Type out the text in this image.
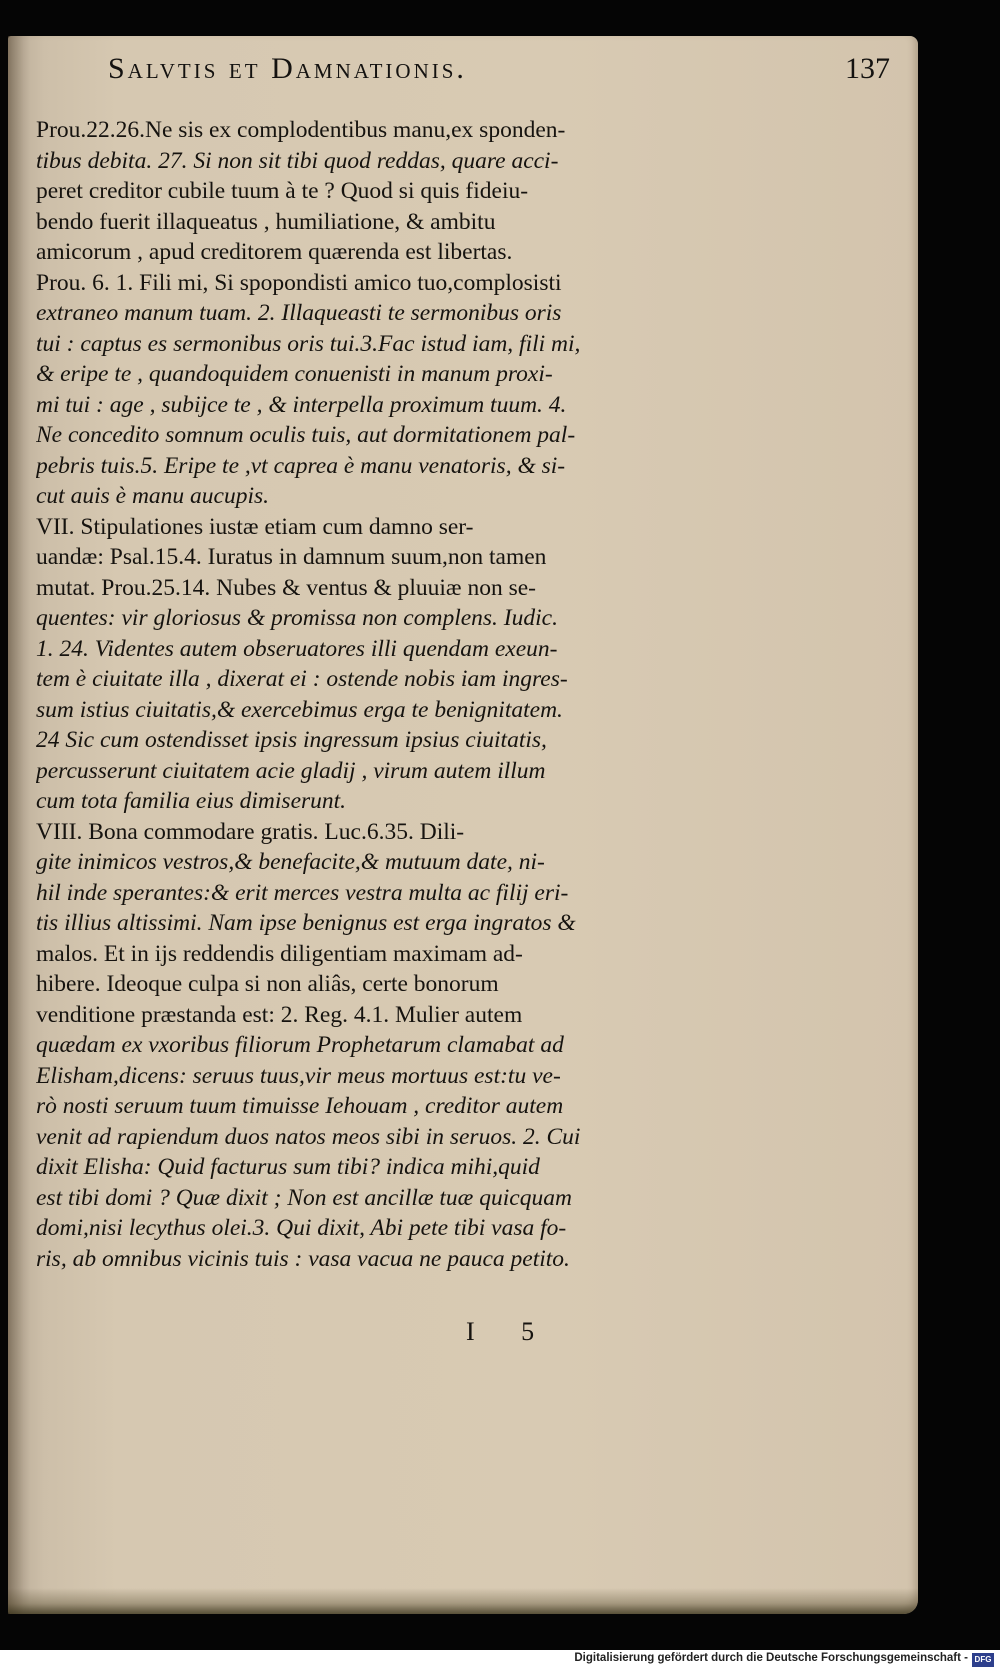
Salvtis et Damnationis.	137
Prou.22.26.Ne sis ex complodentibus manu,ex sponden-
tibus debita. 27. Si non sit tibi quod reddas, quare acci-
peret creditor cubile tuum à te ? Quod si quis fideiu-
bendo fuerit illaqueatus , humiliatione, & ambitu
amicorum , apud creditorem quærenda est libertas.
Prou. 6. 1. Fili mi, Si spopondisti amico tuo,complosisti
extraneo manum tuam. 2. Illaqueasti te sermonibus oris
tui : captus es sermonibus oris tui.3.Fac istud iam, fili mi,
& eripe te , quandoquidem conuenisti in manum proxi-
mi tui : age , subijce te , & interpella proximum tuum. 4.
Ne concedito somnum oculis tuis, aut dormitationem pal-
pebris tuis.5. Eripe te ,vt caprea è manu venatoris, & si-
cut auis è manu aucupis.
VII. Stipulationes iustæ etiam cum damno ser-
uandæ: Psal.15.4. Iuratus in damnum suum,non tamen
mutat. Prou.25.14. Nubes & ventus & pluuiæ non se-
quentes: vir gloriosus & promissa non complens. Iudic.
1. 24. Videntes autem obseruatores illi quendam exeun-
tem è ciuitate illa , dixerat ei : ostende nobis iam ingres-
sum istius ciuitatis,& exercebimus erga te benignitatem.
24 Sic cum ostendisset ipsis ingressum ipsius ciuitatis,
percusserunt ciuitatem acie gladij , virum autem illum
cum tota familia eius dimiserunt.
VIII. Bona commodare gratis. Luc.6.35. Dili-
gite inimicos vestros,& benefacite,& mutuum date, ni-
hil inde sperantes:& erit merces vestra multa ac filij eri-
tis illius altissimi. Nam ipse benignus est erga ingratos &
malos. Et in ijs reddendis diligentiam maximam ad-
hibere. Ideoque culpa si non aliâs, certe bonorum
venditione præstanda est: 2. Reg. 4.1. Mulier autem
quædam ex vxoribus filiorum Prophetarum clamabat ad
Elisham,dicens: seruus tuus,vir meus mortuus est:tu ve-
rò nosti seruum tuum timuisse Iehouam , creditor autem
venit ad rapiendum duos natos meos sibi in seruos. 2. Cui
dixit Elisha: Quid facturus sum tibi? indica mihi,quid
est tibi domi ? Quæ dixit ; Non est ancillæ tuæ quicquam
domi,nisi lecythus olei.3. Qui dixit, Abi pete tibi vasa fo-
ris, ab omnibus vicinis tuis : vasa vacua ne pauca petito.
I 5
Digitalisierung gefördert durch die Deutsche Forschungsgemeinschaft - DFG
